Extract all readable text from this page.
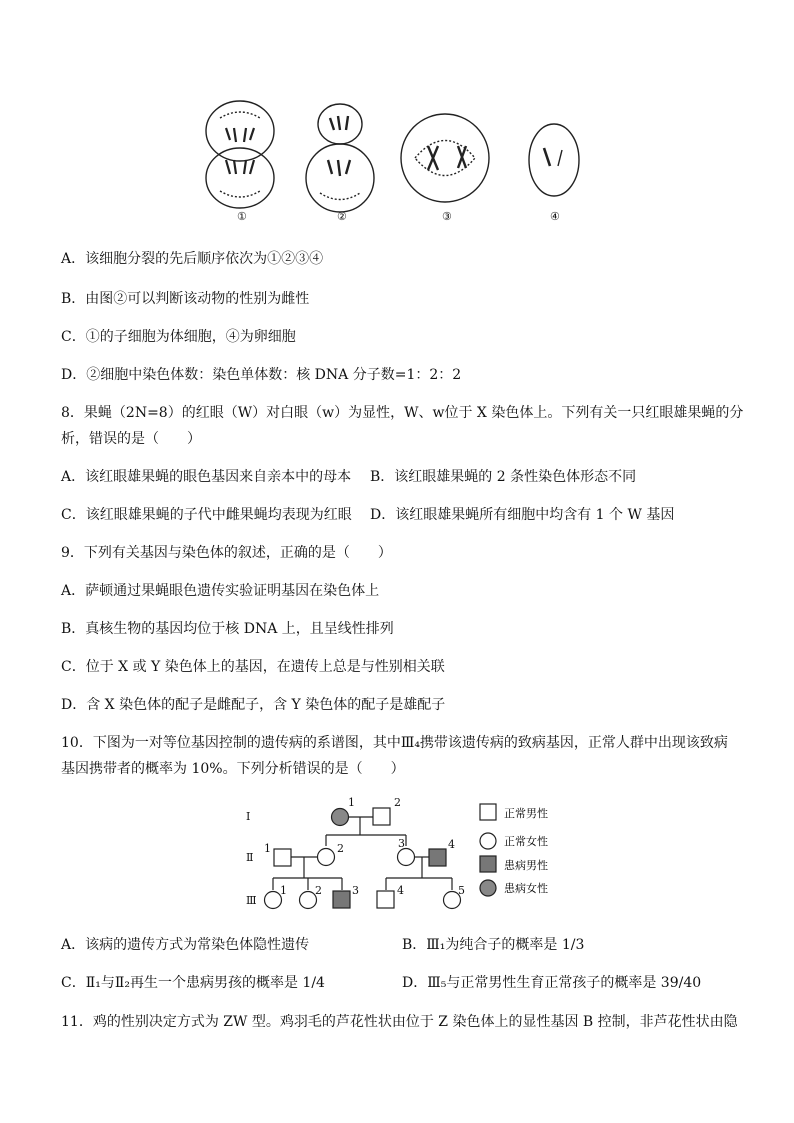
①	②	③	④
A．该细胞分裂的先后顺序依次为①②③④
B．由图②可以判断该动物的性别为雌性
C．①的子细胞为体细胞，④为卵细胞
D．②细胞中染色体数：染色单体数：核 DNA 分子数=1：2：2
8．果蝇（2N=8）的红眼（W）对白眼（w）为显性，W、w位于 X 染色体上。下列有关一只红眼雄果蝇的分
析，错误的是（　　）
A．该红眼雄果蝇的眼色基因来自亲本中的母本 B．该红眼雄果蝇的 2 条性染色体形态不同
C．该红眼雄果蝇的子代中雌果蝇均表现为红眼 D．该红眼雄果蝇所有细胞中均含有 1 个 W 基因
9．下列有关基因与染色体的叙述，正确的是（　　）
A．萨顿通过果蝇眼色遗传实验证明基因在染色体上
B．真核生物的基因均位于核 DNA 上，且呈线性排列
C．位于 X 或 Y 染色体上的基因，在遗传上总是与性别相关联
D．含 X 染色体的配子是雌配子，含 Y 染色体的配子是雄配子
10．下图为一对等位基因控制的遗传病的系谱图，其中Ⅲ₄携带该遗传病的致病基因，正常人群中出现该致病
基因携带者的概率为 10%。下列分析错误的是（　　）
Ⅰ
Ⅱ
Ⅲ
1	2
1	2	3	4
1	2	3	4	5
正常男性
正常女性
患病男性
患病女性
A．该病的遗传方式为常染色体隐性遗传	B．Ⅲ₁为纯合子的概率是 1/3
C．Ⅱ₁与Ⅱ₂再生一个患病男孩的概率是 1/4	D．Ⅲ₅与正常男性生育正常孩子的概率是 39/40
11．鸡的性别决定方式为 ZW 型。鸡羽毛的芦花性状由位于 Z 染色体上的显性基因 B 控制，非芦花性状由隐
